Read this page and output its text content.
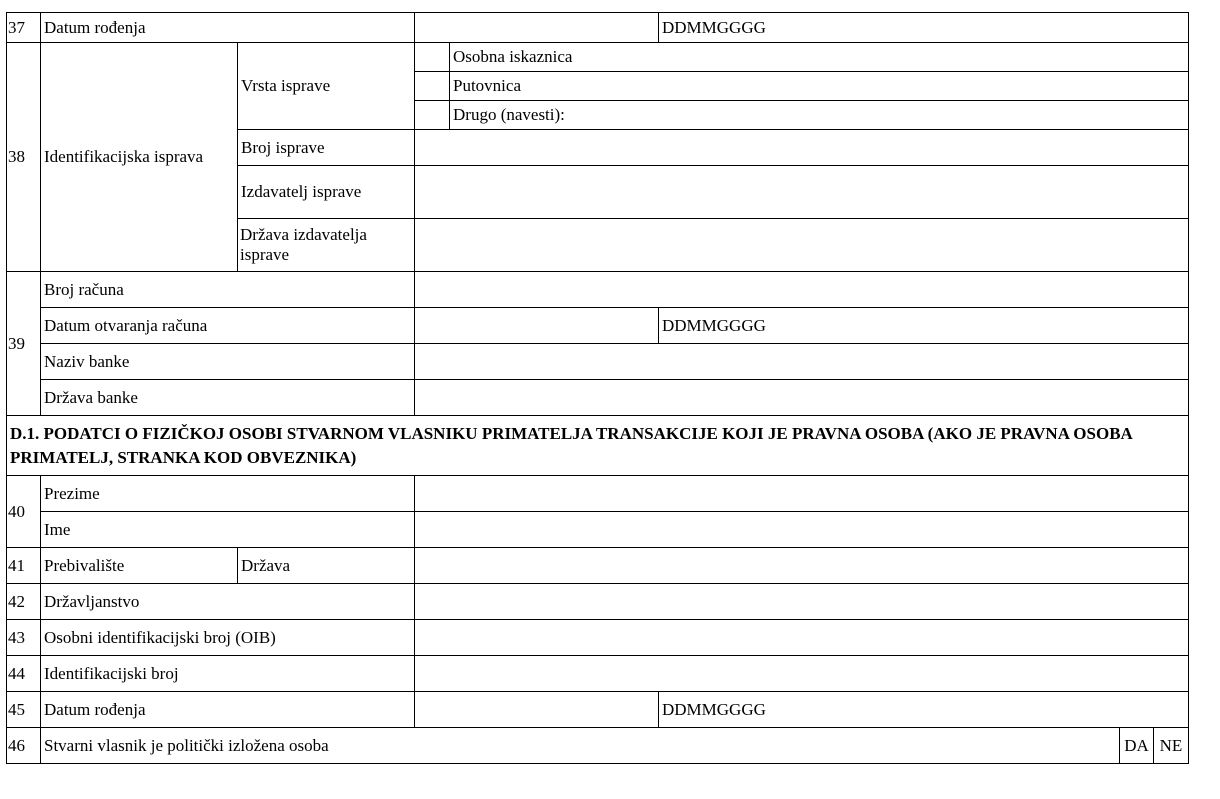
37	Datum rođenja				DDMMGGGG		
38	Identifikacijska isprava	Vrsta isprave		Osobna iskaznica			
				Putovnica			
				Drugo (navesti):			
		Broj isprave					
		Izdavatelj isprave					
		Država izdavatelja isprave					

39	Broj računa						
	Datum otvaranja računa				DDMMGGGG		
	Naziv banke						
	Država banke						
D.1. PODATCI O FIZIČKOJ OSOBI STVARNOM VLASNIKU PRIMATELJA TRANSAKCIJE KOJI JE PRAVNA OSOBA (AKO JE PRAVNA OSOBA PRIMATELJ, STRANKA KOD OBVEZNIKA)							
40	Prezime						
	Ime						
41	Prebivalište	Država					
42	Državljanstvo						
43	Osobni identifikacijski broj (OIB)						
44	Identifikacijski broj						
45	Datum rođenja				DDMMGGGG		
46	Stvarni vlasnik je politički izložena osoba					DA	NE
